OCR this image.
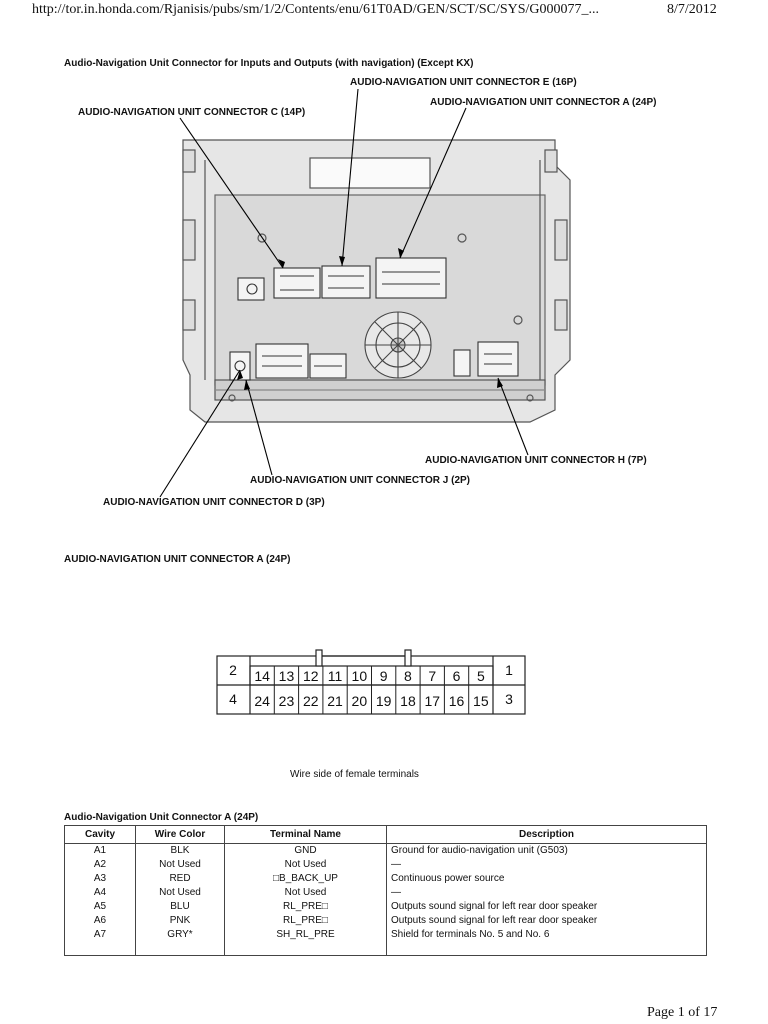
http://tor.in.honda.com/Rjanisis/pubs/sm/1/2/Contents/enu/61T0AD/GEN/SCT/SC/SYS/G000077_...	8/7/2012
Audio-Navigation Unit Connector for Inputs and Outputs (with navigation) (Except KX)
AUDIO-NAVIGATION UNIT CONNECTOR E (16P)
AUDIO-NAVIGATION UNIT CONNECTOR A (24P)
AUDIO-NAVIGATION UNIT CONNECTOR C (14P)
AUDIO-NAVIGATION UNIT CONNECTOR H (7P)
AUDIO-NAVIGATION UNIT CONNECTOR J (2P)
AUDIO-NAVIGATION UNIT CONNECTOR D (3P)
AUDIO-NAVIGATION UNIT CONNECTOR A (24P)
2
4
1
3
14 13 12 11 10 9 8 7 6 5
24 23 22 21 20 19 18 17 16 15
Wire side of female terminals
Audio-Navigation Unit Connector A (24P)
Cavity	Wire Color	Terminal Name	Description
A1	BLK	GND	Ground for audio-navigation unit (G503)
A2	Not Used	Not Used	—
A3	RED	□B_BACK_UP	Continuous power source
A4	Not Used	Not Used	—
A5	BLU	RL_PRE□	Outputs sound signal for left rear door speaker
A6	PNK	RL_PRE□	Outputs sound signal for left rear door speaker
A7	GRY*	SH_RL_PRE	Shield for terminals No. 5 and No. 6

Page 1 of 17
